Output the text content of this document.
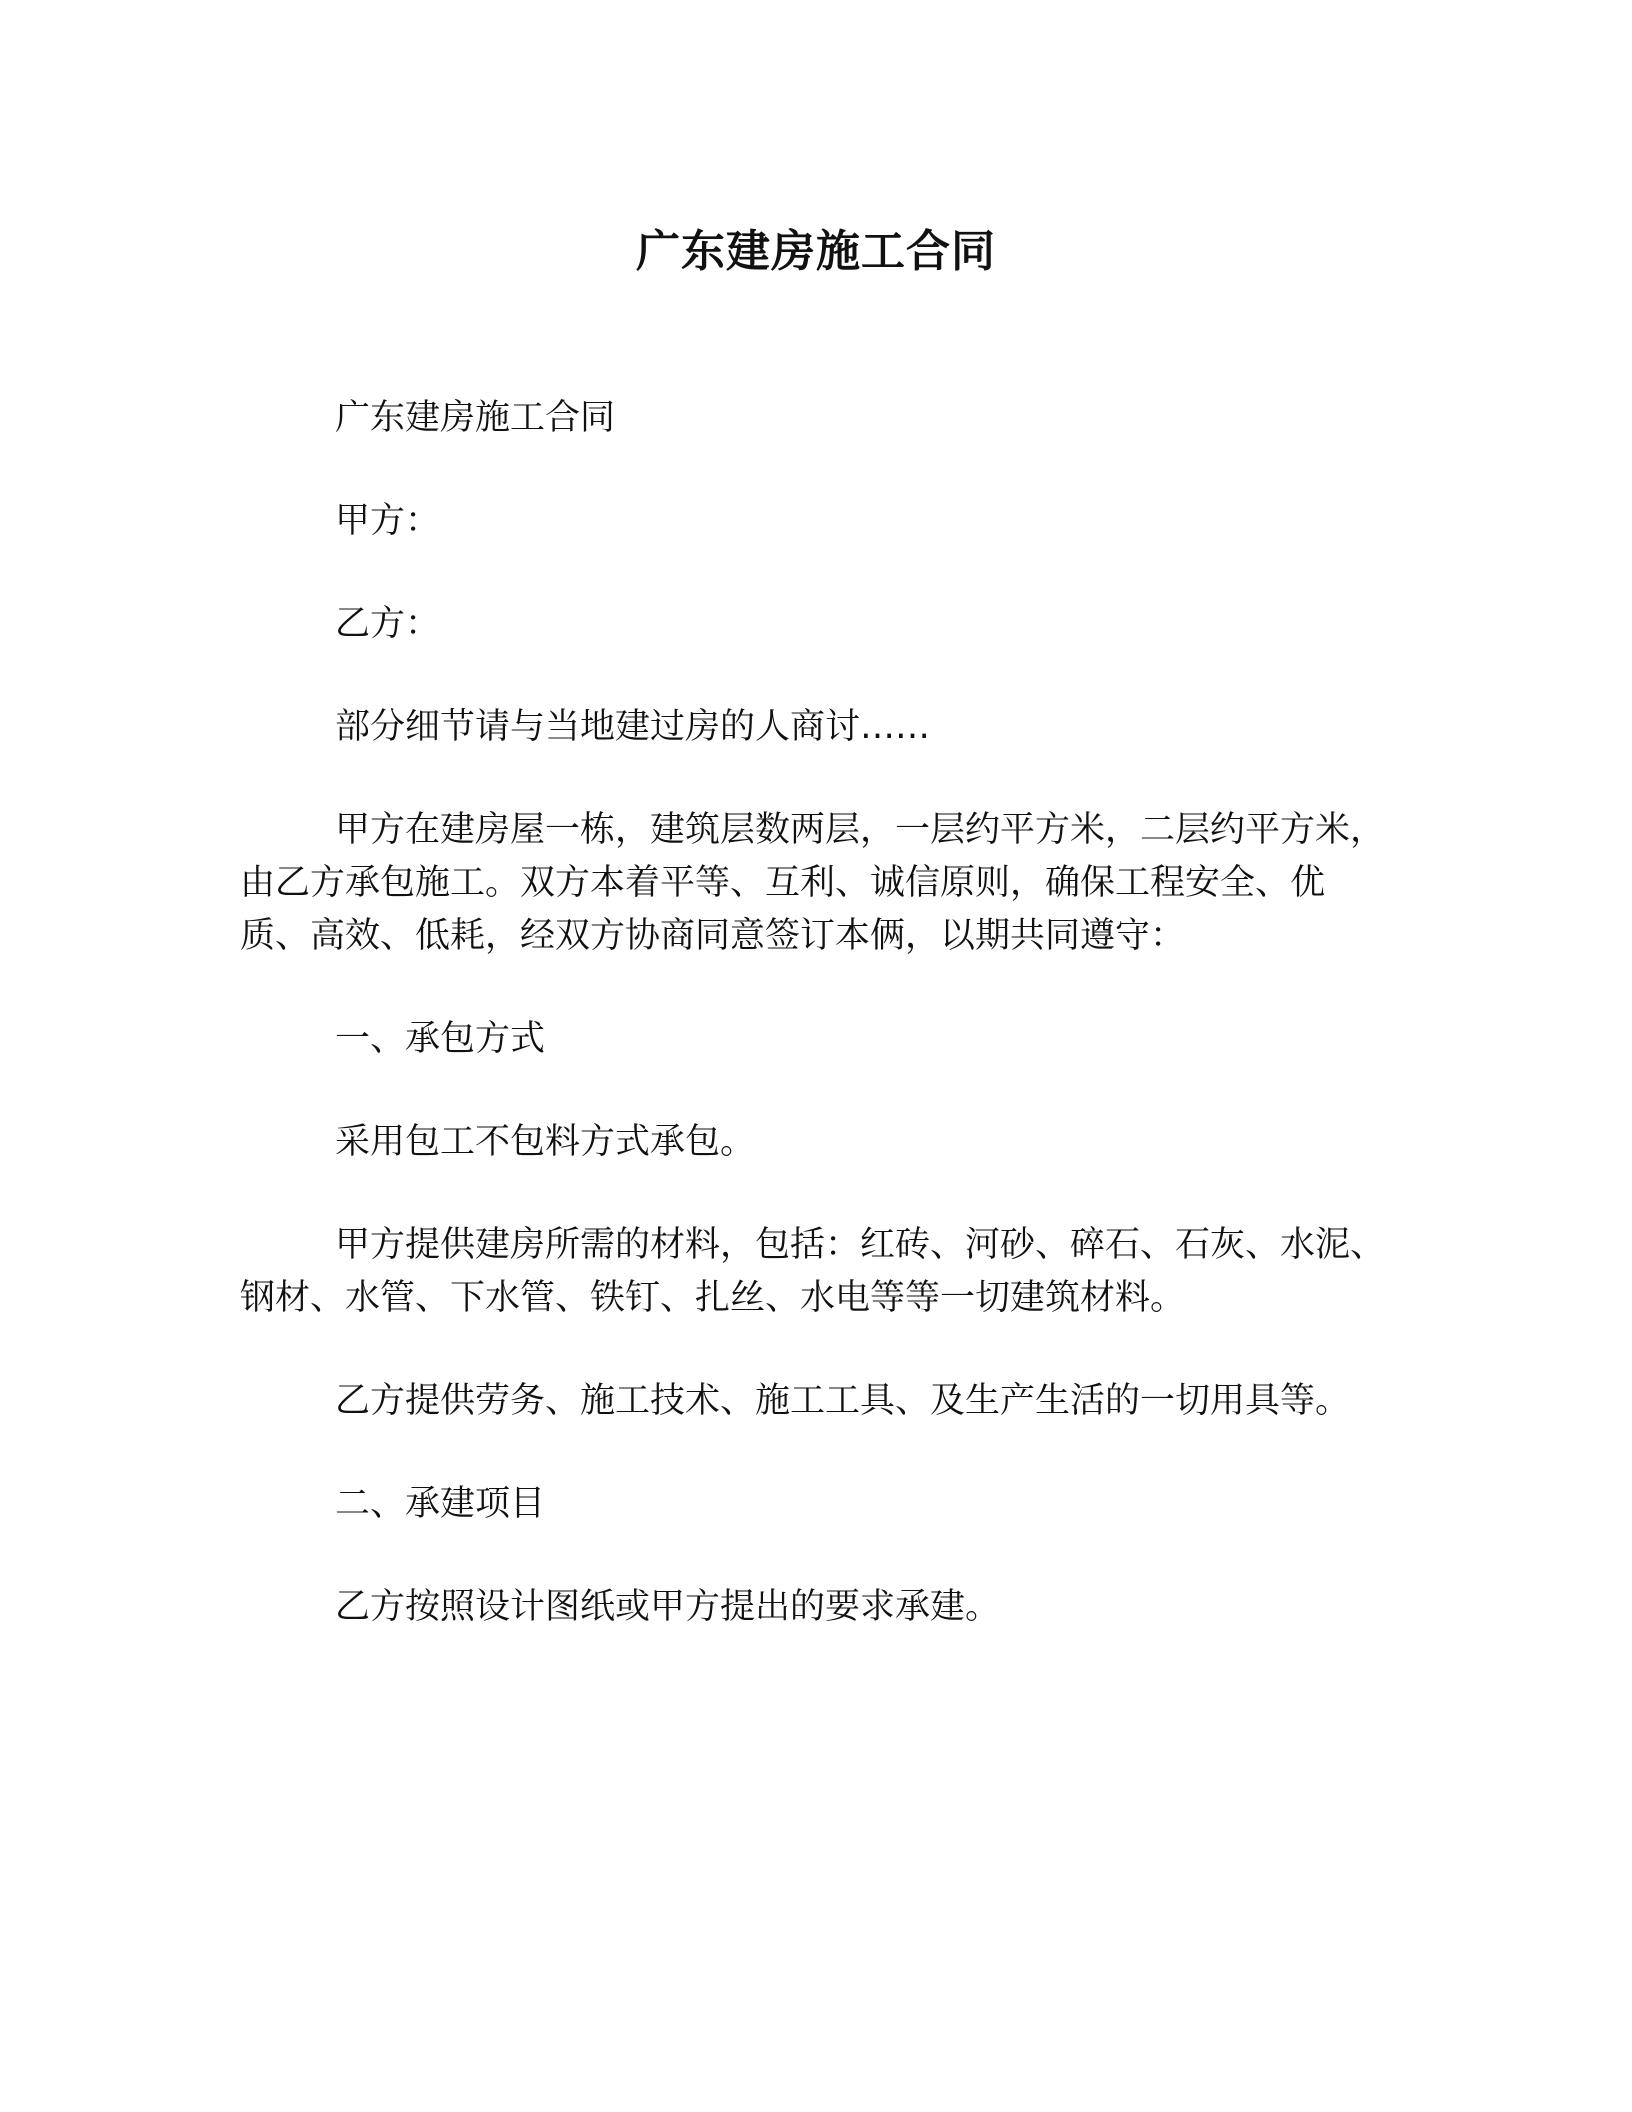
广东建房施工合同

广东建房施工合同

甲方：

乙方：

部分细节请与当地建过房的人商讨……

甲方在建房屋一栋，建筑层数两层，一层约平方米，二层约平方米，由乙方承包施工。双方本着平等、互利、诚信原则，确保工程安全、优质、高效、低耗，经双方协商同意签订本俩，以期共同遵守：

一、承包方式

采用包工不包料方式承包。

甲方提供建房所需的材料，包括：红砖、河砂、碎石、石灰、水泥、钢材、水管、下水管、铁钉、扎丝、水电等等一切建筑材料。

乙方提供劳务、施工技术、施工工具、及生产生活的一切用具等。

二、承建项目

乙方按照设计图纸或甲方提出的要求承建。
